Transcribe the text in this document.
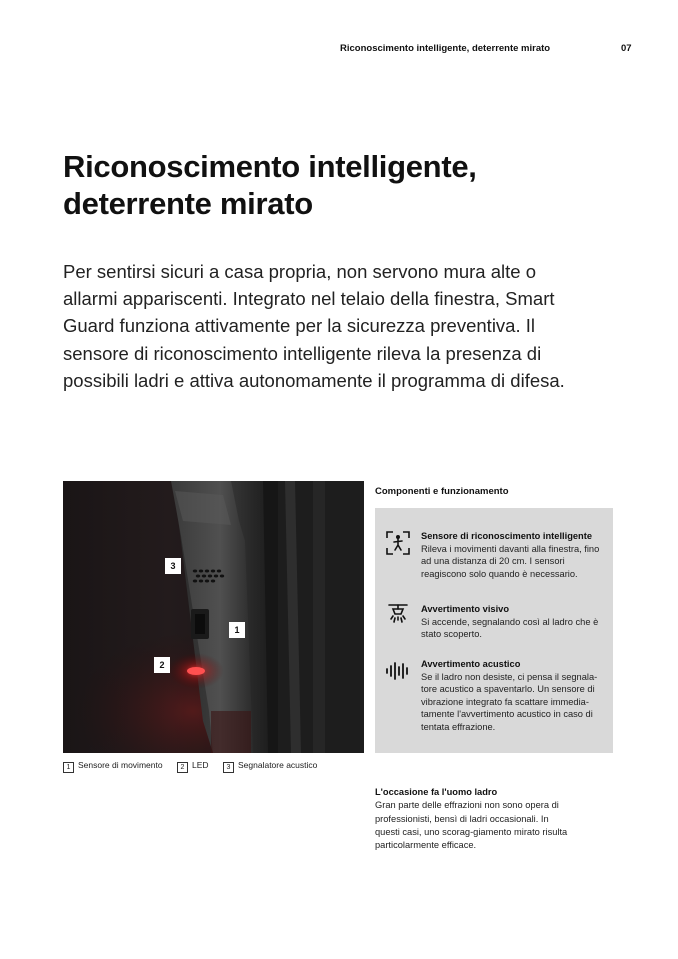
Riconoscimento intelligente, deterrente mirato	07
Riconoscimento intelligente,
deterrente mirato

Per sentirsi sicuri a casa propria, non servono mura alte o allarmi appariscenti. Integrato nel telaio della finestra, Smart Guard funziona attivamente per la sicurezza preventiva. Il sensore di riconoscimento intelligente rileva la presenza di possibili ladri e attiva autonomamente il programma di difesa.

3
1
2
1 Sensore di movimento	2 LED	3 Segnalatore acustico
Componenti e funzionamento
Sensore di riconoscimento intelligente
Rileva i movimenti davanti alla finestra, fino ad una distanza di 20 cm. I sensori reagiscono solo quando è necessario.
Avvertimento visivo
Si accende, segnalando così al ladro che è stato scoperto.
Avvertimento acustico
Se il ladro non desiste, ci pensa il segnala-tore acustico a spaventarlo. Un sensore di vibrazione integrato fa scattare immedia-tamente l'avvertimento acustico in caso di tentata effrazione.
L'occasione fa l'uomo ladro
Gran parte delle effrazioni non sono opera di professionisti, bensì di ladri occasionali. In questi casi, uno scorag-giamento mirato risulta particolarmente efficace.
